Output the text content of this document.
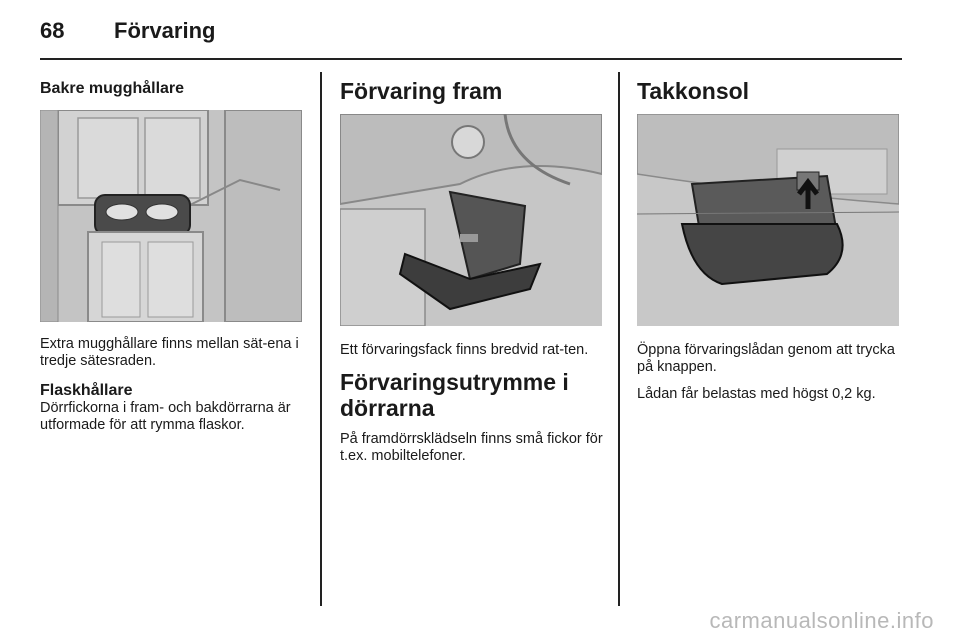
68 Förvaring
Bakre mugghållare

Extra mugghållare finns mellan sät-ena i tredje sätesraden.

Flaskhållare

Dörrfickorna i fram- och bakdörrarna är utformade för att rymma flaskor.

Förvaring fram

Ett förvaringsfack finns bredvid rat-ten.

Förvaringsutrymme i dörrarna

På framdörrsklädseln finns små fickor för t.ex. mobiltelefoner.

Takkonsol

Öppna förvaringslådan genom att trycka på knappen.

Lådan får belastas med högst 0,2 kg.

carmanualsonline.info
